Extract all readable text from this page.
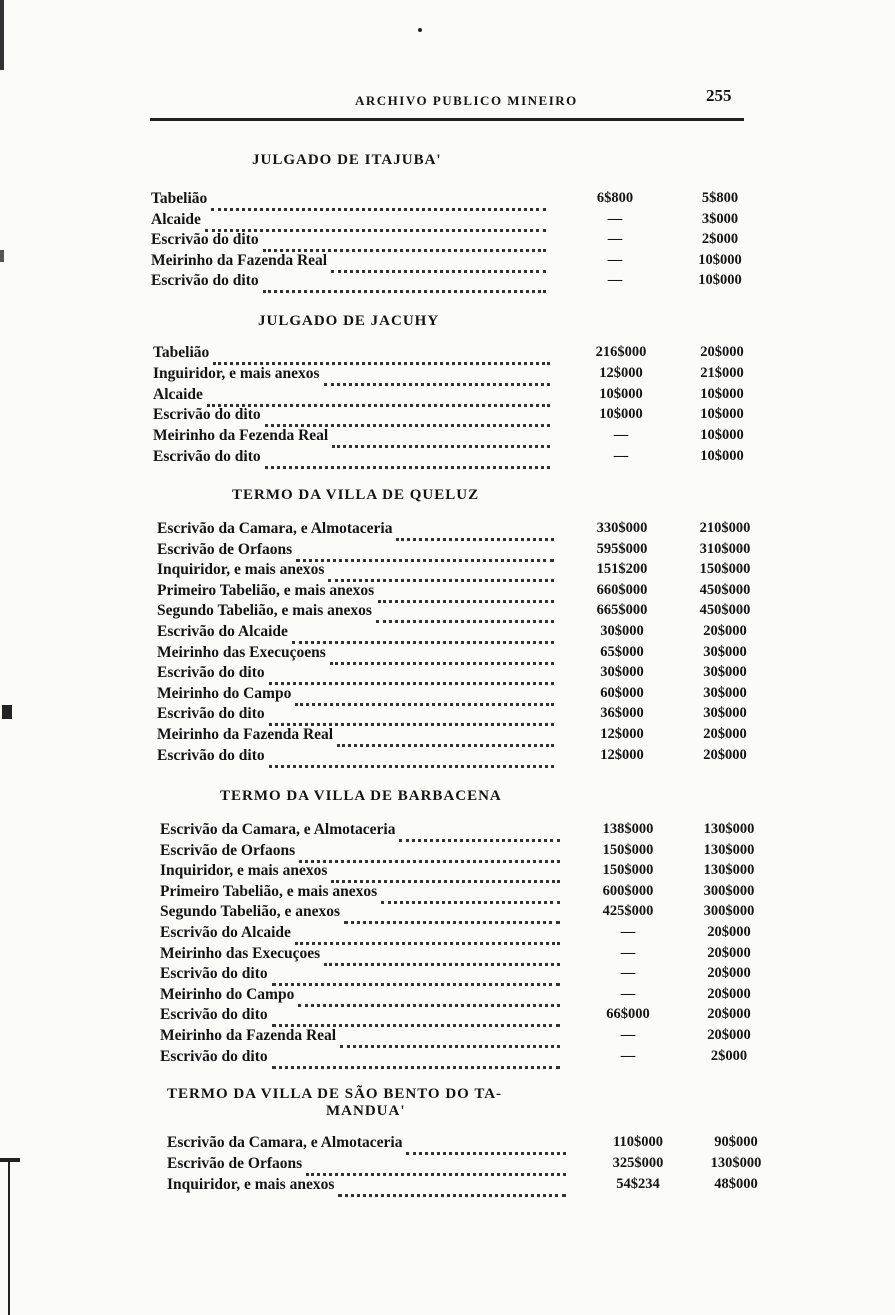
ARCHIVO PUBLICO MINEIRO	255
JULGADO DE ITAJUBA'
Tabelião	6$800	5$800
Alcaide	—	3$000
Escrivão do dito	—	2$000
Meirinho da Fazenda Real	—	10$000
Escrivão do dito	—	10$000
JULGADO DE JACUHY
Tabelião	216$000	20$000
Inguiridor, e mais anexos	12$000	21$000
Alcaide	10$000	10$000
Escrivão do dito	10$000	10$000
Meirinho da Fezenda Real	—	10$000
Escrivão do dito	—	10$000
TERMO DA VILLA DE QUELUZ
Escrivão da Camara, e Almotaceria	330$000	210$000
Escrivão de Orfaons	595$000	310$000
Inquiridor, e mais anexos	151$200	150$000
Primeiro Tabelião, e mais anexos	660$000	450$000
Segundo Tabelião, e mais anexos	665$000	450$000
Escrivão do Alcaide	30$000	20$000
Meirinho das Execuçoens	65$000	30$000
Escrivão do dito	30$000	30$000
Meirinho do Campo	60$000	30$000
Escrivão do dito	36$000	30$000
Meirinho da Fazenda Real	12$000	20$000
Escrivão do dito	12$000	20$000
TERMO DA VILLA DE BARBACENA
Escrivão da Camara, e Almotaceria	138$000	130$000
Escrivão de Orfaons	150$000	130$000
Inquiridor, e mais anexos	150$000	130$000
Primeiro Tabelião, e mais anexos	600$000	300$000
Segundo Tabelião, e anexos	425$000	300$000
Escrivão do Alcaide	—	20$000
Meirinho das Execuçoes	—	20$000
Escrivão do dito	—	20$000
Meirinho do Campo	—	20$000
Escrivão do dito	66$000	20$000
Meirinho da Fazenda Real	—	20$000
Escrivão do dito	—	2$000
TERMO DA VILLA DE SÃO BENTO DO TA-
MANDUA'
Escrivão da Camara, e Almotaceria	110$000	90$000
Escrivão de Orfaons	325$000	130$000
Inquiridor, e mais anexos	54$234	48$000
